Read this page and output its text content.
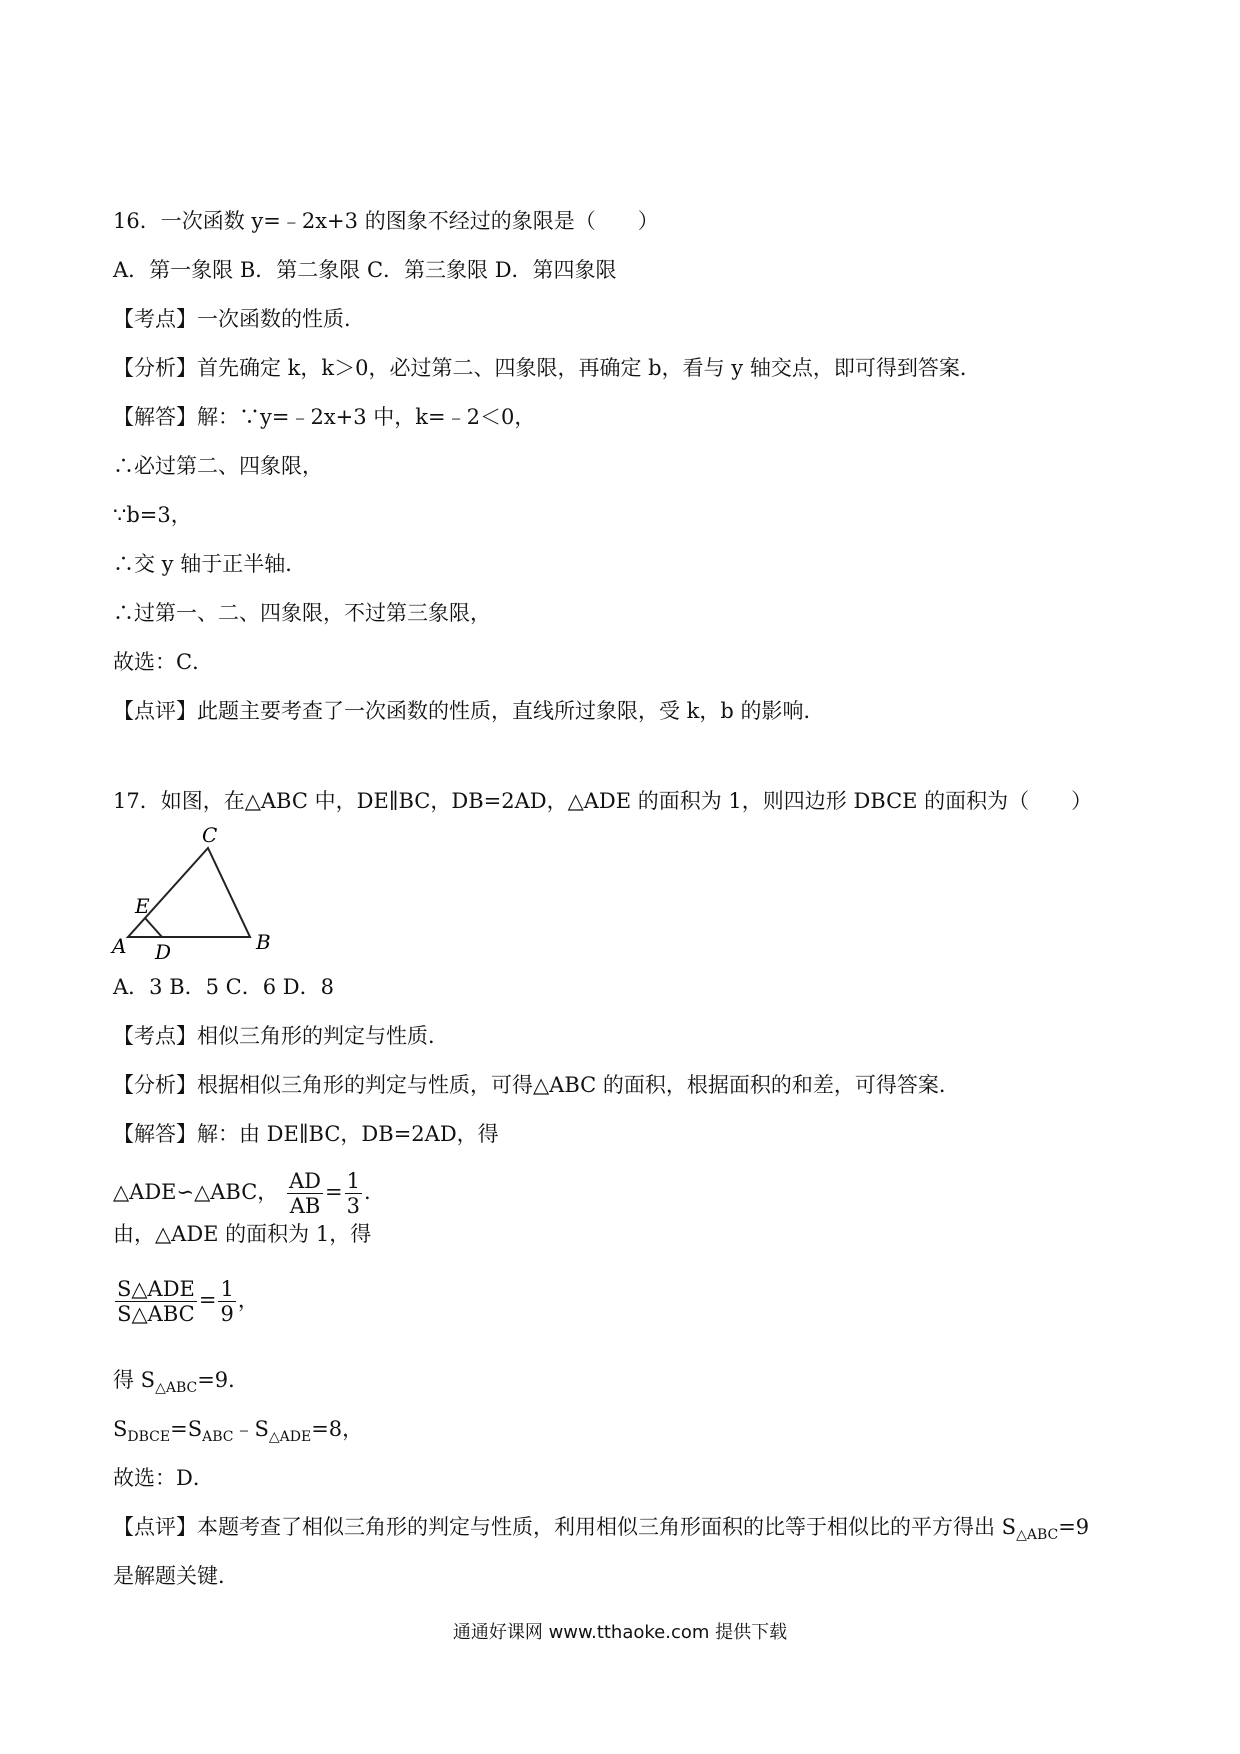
16．一次函数 y=﹣2x+3 的图象不经过的象限是（　　）
A．第一象限 B．第二象限 C．第三象限 D．第四象限
【考点】一次函数的性质．
【分析】首先确定 k，k＞0，必过第二、四象限，再确定 b，看与 y 轴交点，即可得到答案．
【解答】解：∵y=﹣2x+3 中，k=﹣2＜0，
∴必过第二、四象限，
∵b=3，
∴交 y 轴于正半轴．
∴过第一、二、四象限，不过第三象限，
故选：C．
【点评】此题主要考查了一次函数的性质，直线所过象限，受 k，b 的影响．
17．如图，在△ABC 中，DE∥BC，DB=2AD，△ADE 的面积为 1，则四边形 DBCE 的面积为（　　）
C
E
A D	B
A．3 B．5 C．6 D．8
【考点】相似三角形的判定与性质．
【分析】根据相似三角形的判定与性质，可得△ABC 的面积，根据面积的和差，可得答案．
【解答】解：由 DE∥BC，DB=2AD，得
△ADE∽△ABC， $\frac{AD}{AB} = \frac{1}{3}$ .
由，△ADE 的面积为 1，得
$\frac{\text{S△ADE}}{\text{S△ABC}} = \frac{1}{9}$ ，
得 $S_{\triangle ABC}=9$．
$S_{DBCE}=S_{ABC}﹣S_{\triangle ADE}=8$，
故选：D．
【点评】本题考查了相似三角形的判定与性质，利用相似三角形面积的比等于相似比的平方得出 $S_{\triangle ABC}=9$
是解题关键．
通通好课网 www.tthaoke.com 提供下载
